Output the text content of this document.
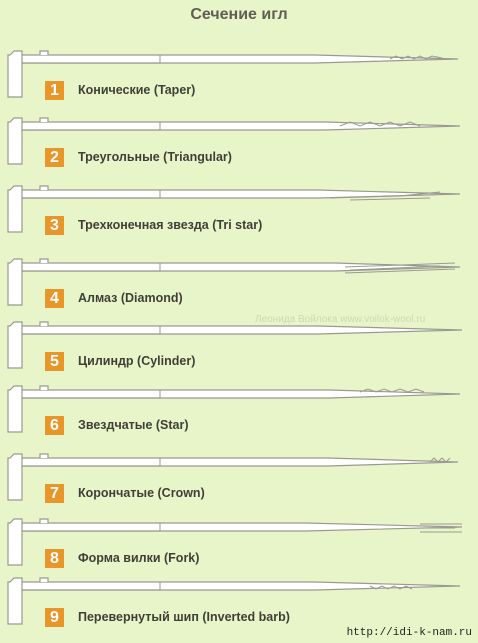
Сечение игл
1	Конические (Taper)
2	Треугольные (Triangular)
3	Трехконечная звезда (Tri star)
4	Алмаз (Diamond)
5	Цилиндр (Cylinder)
6	Звездчатые (Star)
7	Корончатые (Crown)
8	Форма вилки (Fork)
9	Перевернутый шип (Inverted barb)
Леонида Войлока www.voilok-wool.ru
http://idi-k-nam.ru
